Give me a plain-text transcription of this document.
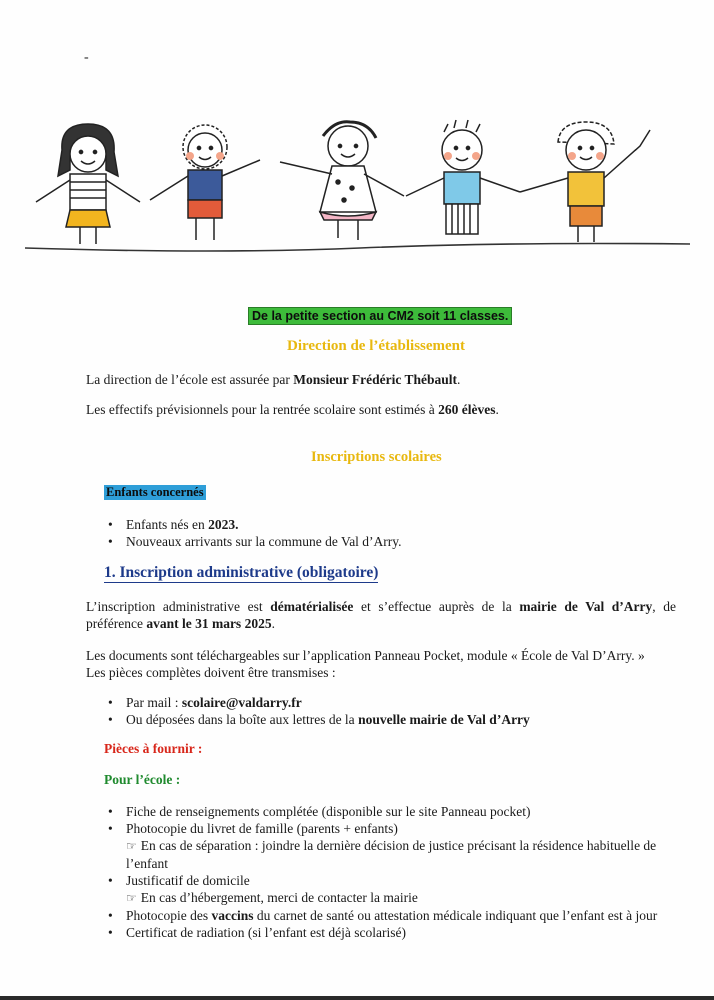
-
De la petite section au CM2 soit 11 classes.
Direction de l’établissement
La direction de l’école est assurée par Monsieur Frédéric Thébault.
Les effectifs prévisionnels pour la rentrée scolaire sont estimés à 260 élèves.
Inscriptions scolaires
Enfants concernés
• Enfants nés en 2023.
• Nouveaux arrivants sur la commune de Val d’Arry.
1. Inscription administrative (obligatoire)
L’inscription administrative est dématérialisée et s’effectue auprès de la mairie de Val d’Arry, de préférence avant le 31 mars 2025.
Les documents sont téléchargeables sur l’application Panneau Pocket, module « École de Val D’Arry. »
Les pièces complètes doivent être transmises :
• Par mail : scolaire@valdarry.fr
• Ou déposées dans la boîte aux lettres de la nouvelle mairie de Val d’Arry
Pièces à fournir :
Pour l’école :
• Fiche de renseignements complétée (disponible sur le site Panneau pocket)
• Photocopie du livret de famille (parents + enfants)
☞ En cas de séparation : joindre la dernière décision de justice précisant la résidence habituelle de l’enfant
• Justificatif de domicile
☞ En cas d’hébergement, merci de contacter la mairie
• Photocopie des vaccins du carnet de santé ou attestation médicale indiquant que l’enfant est à jour
• Certificat de radiation (si l’enfant est déjà scolarisé)
